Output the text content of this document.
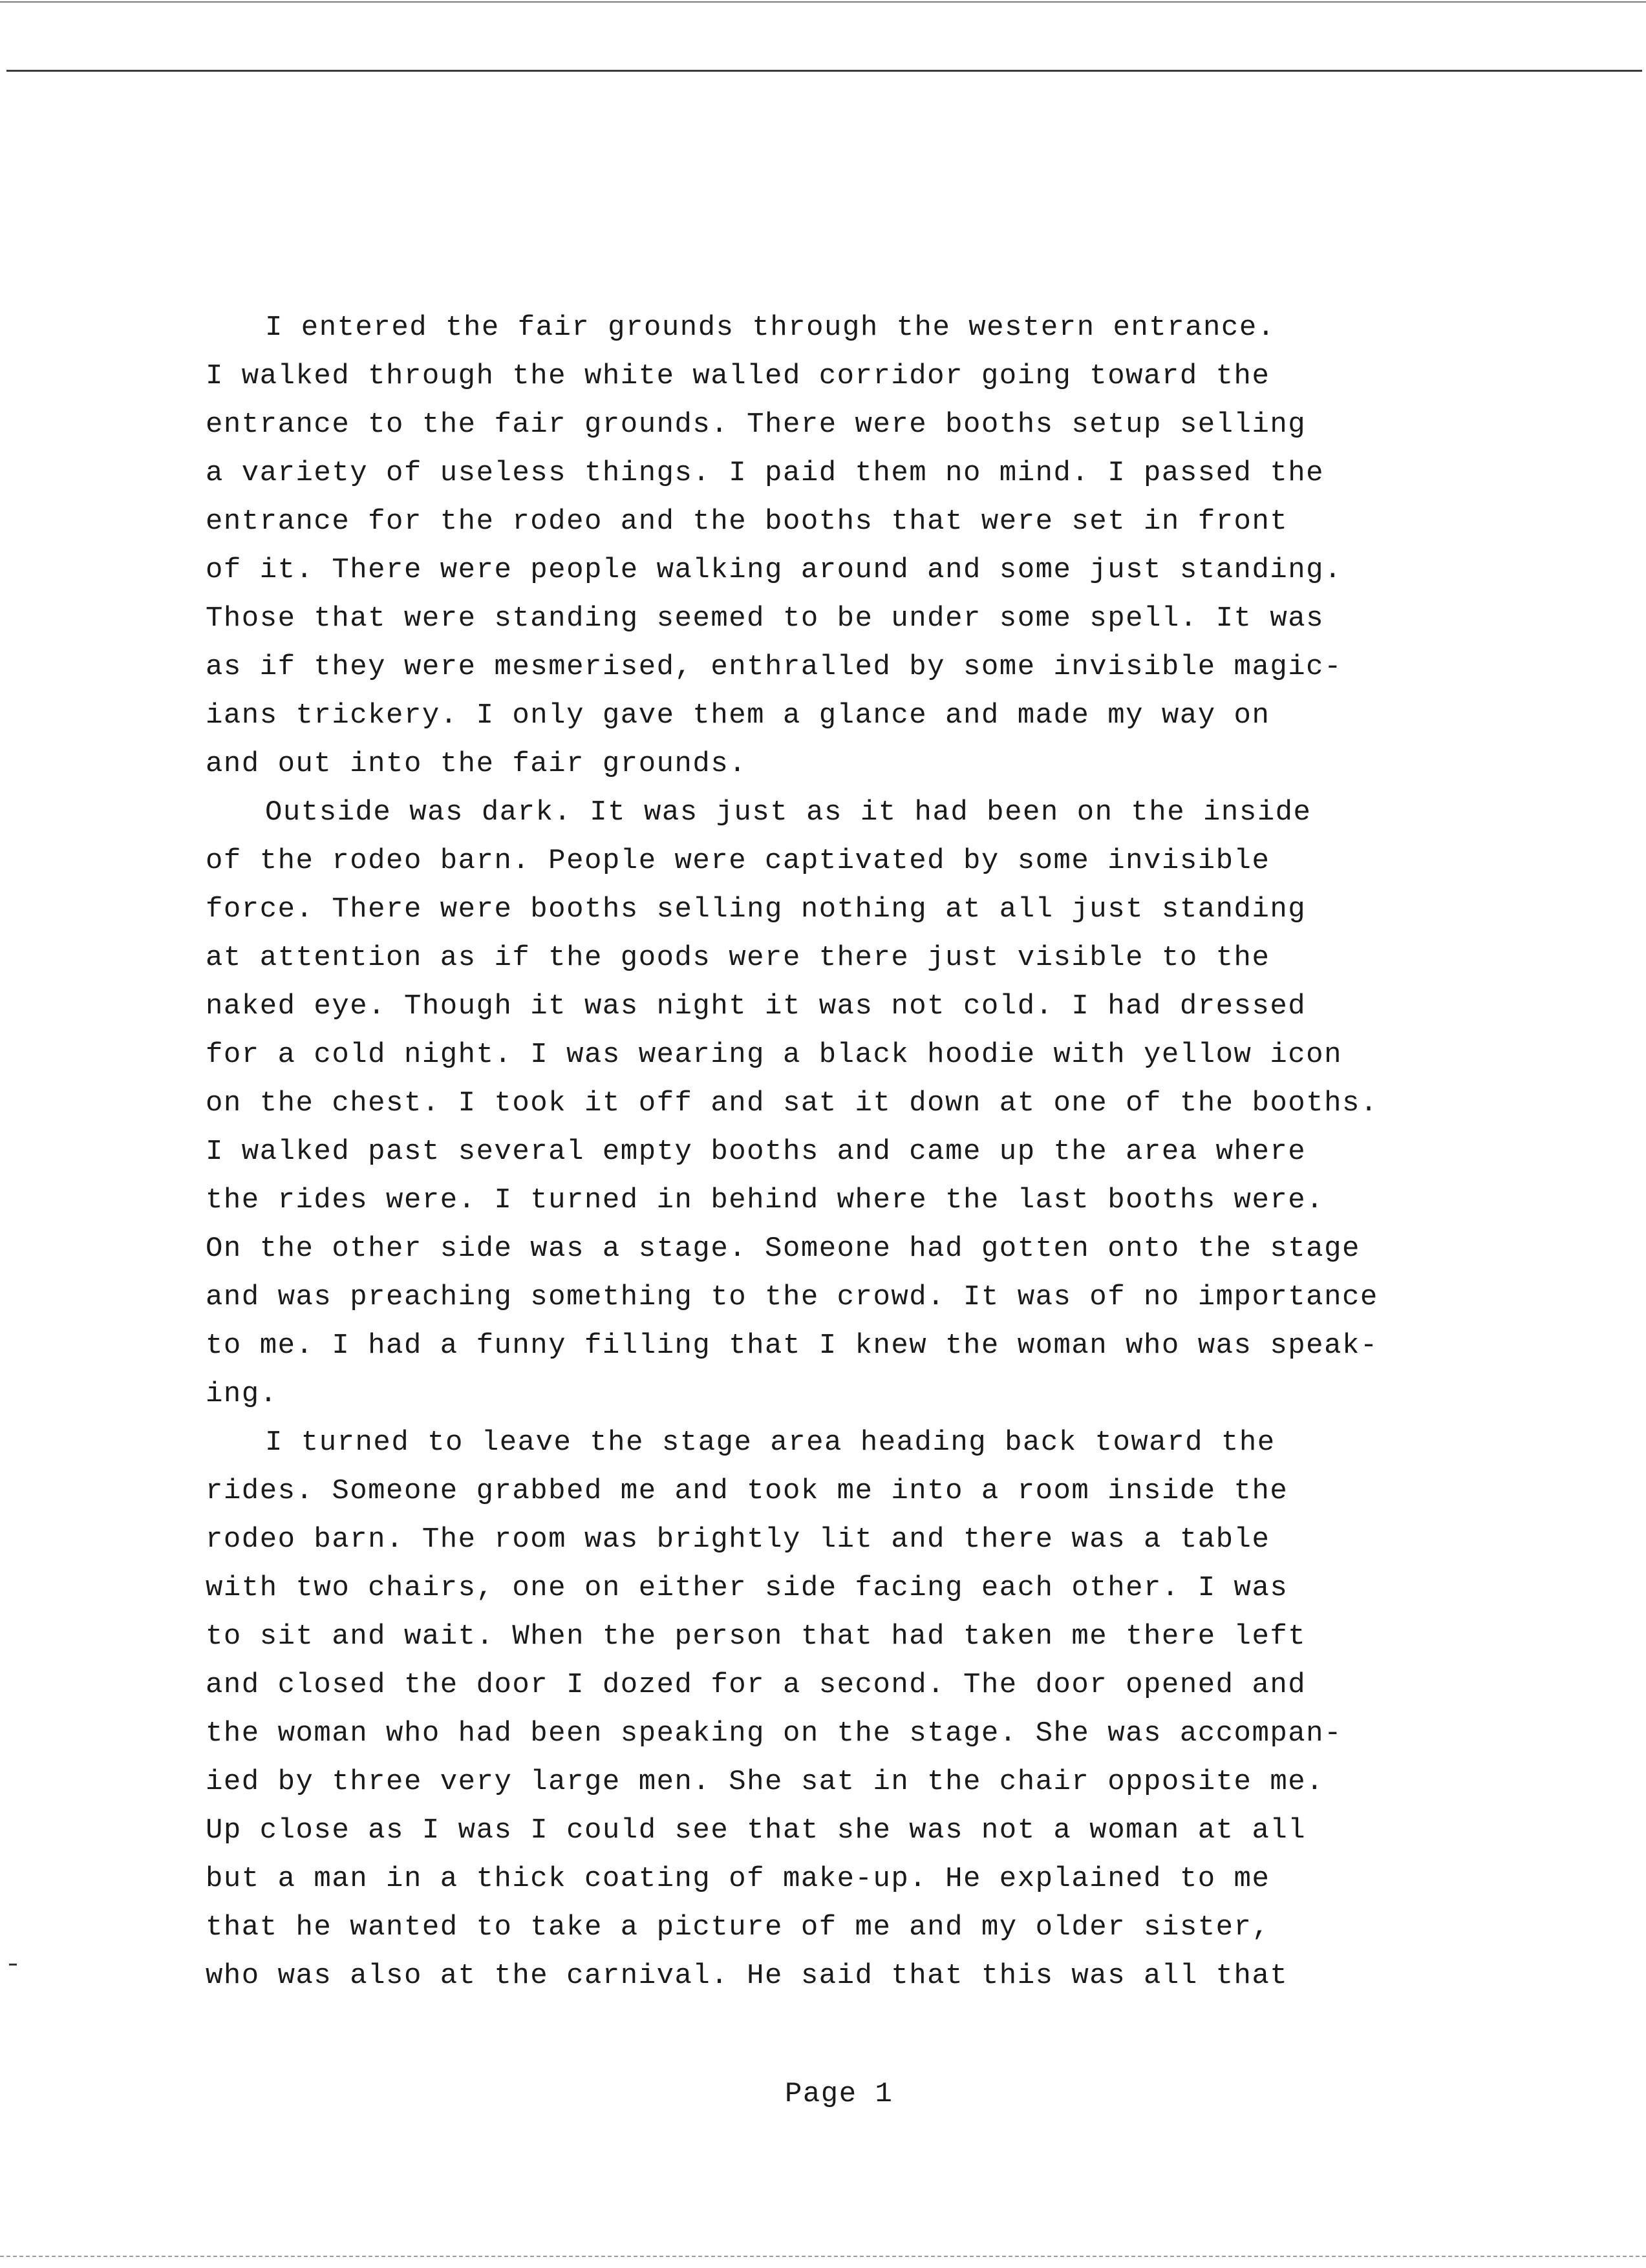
I entered the fair grounds through the western entrance.
I walked through the white walled corridor going toward the
entrance to the fair grounds. There were booths setup selling
a variety of useless things. I paid them no mind. I passed the
entrance for the rodeo and the booths that were set in front
of it. There were people walking around and some just standing.
Those that were standing seemed to be under some spell. It was
as if they were mesmerised, enthralled by some invisible magic-
ians trickery. I only gave them a glance and made my way on
and out into the fair grounds.
Outside was dark. It was just as it had been on the inside
of the rodeo barn. People were captivated by some invisible
force. There were booths selling nothing at all just standing
at attention as if the goods were there just visible to the
naked eye. Though it was night it was not cold. I had dressed
for a cold night. I was wearing a black hoodie with yellow icon
on the chest. I took it off and sat it down at one of the booths.
I walked past several empty booths and came up the area where
the rides were. I turned in behind where the last booths were.
On the other side was a stage. Someone had gotten onto the stage
and was preaching something to the crowd. It was of no importance
to me. I had a funny filling that I knew the woman who was speak-
ing.
I turned to leave the stage area heading back toward the
rides. Someone grabbed me and took me into a room inside the
rodeo barn. The room was brightly lit and there was a table
with two chairs, one on either side facing each other. I was
to sit and wait. When the person that had taken me there left
and closed the door I dozed for a second. The door opened and
the woman who had been speaking on the stage. She was accompan-
ied by three very large men. She sat in the chair opposite me.
Up close as I was I could see that she was not a woman at all
but a man in a thick coating of make-up. He explained to me
that he wanted to take a picture of me and my older sister,
who was also at the carnival. He said that this was all that
Page 1
